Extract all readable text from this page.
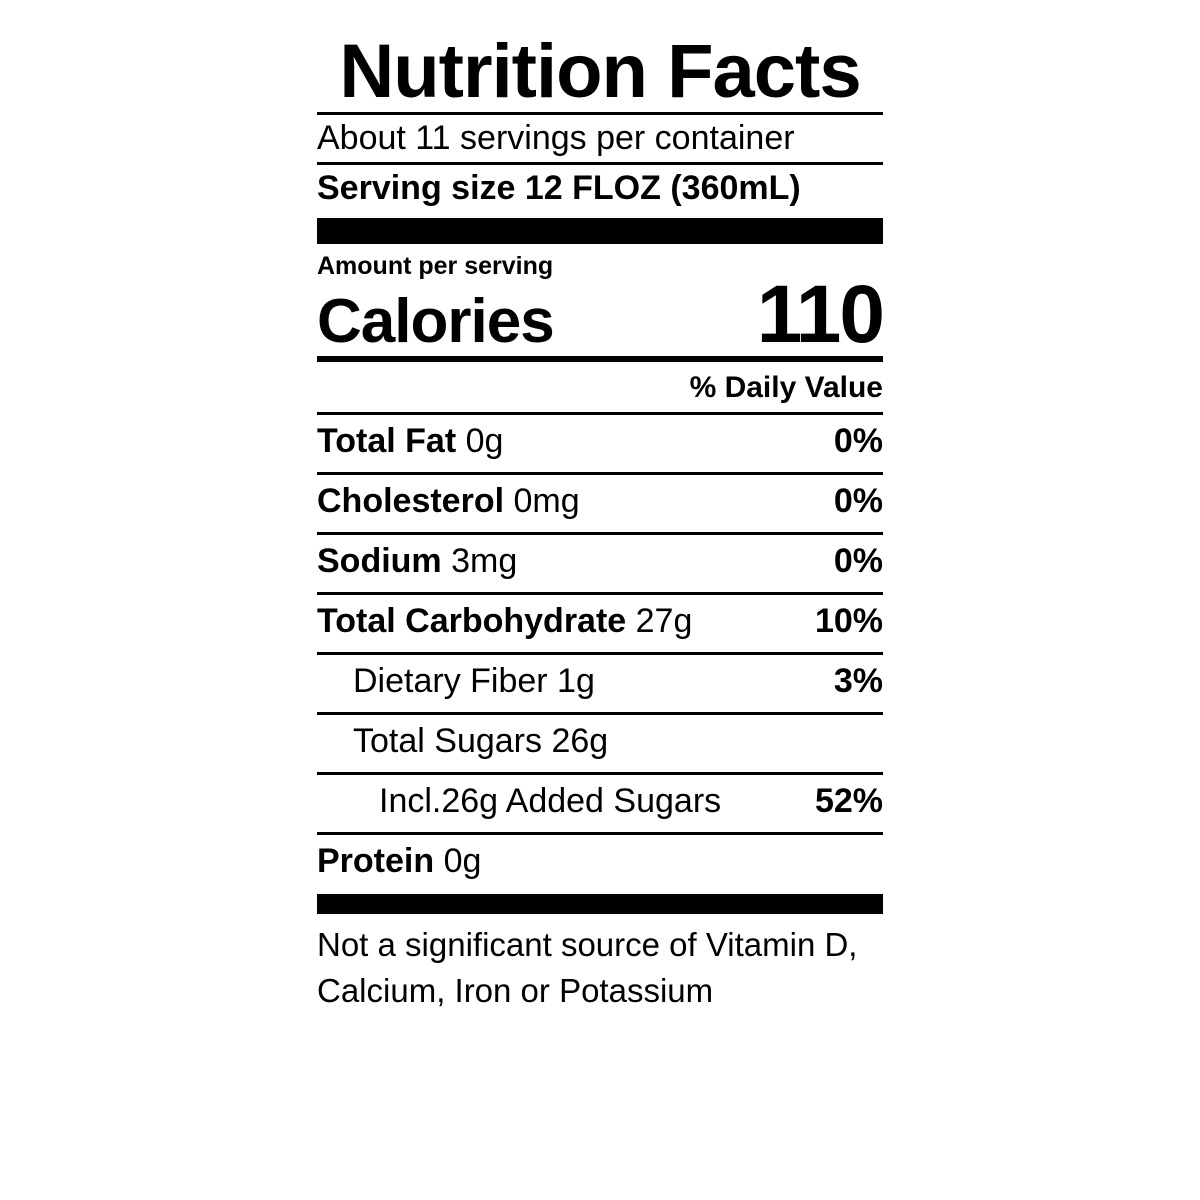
Nutrition Facts
About 11 servings per container
Serving size 12 FLOZ (360mL)
Amount per serving
Calories 110
% Daily Value
Total Fat 0g	0%
Cholesterol 0mg	0%
Sodium 3mg	0%
Total Carbohydrate 27g	10%
Dietary Fiber 1g	3%
Total Sugars 26g
Incl.26g Added Sugars	52%
Protein 0g
Not a significant source of Vitamin D,
Calcium, Iron or Potassium
